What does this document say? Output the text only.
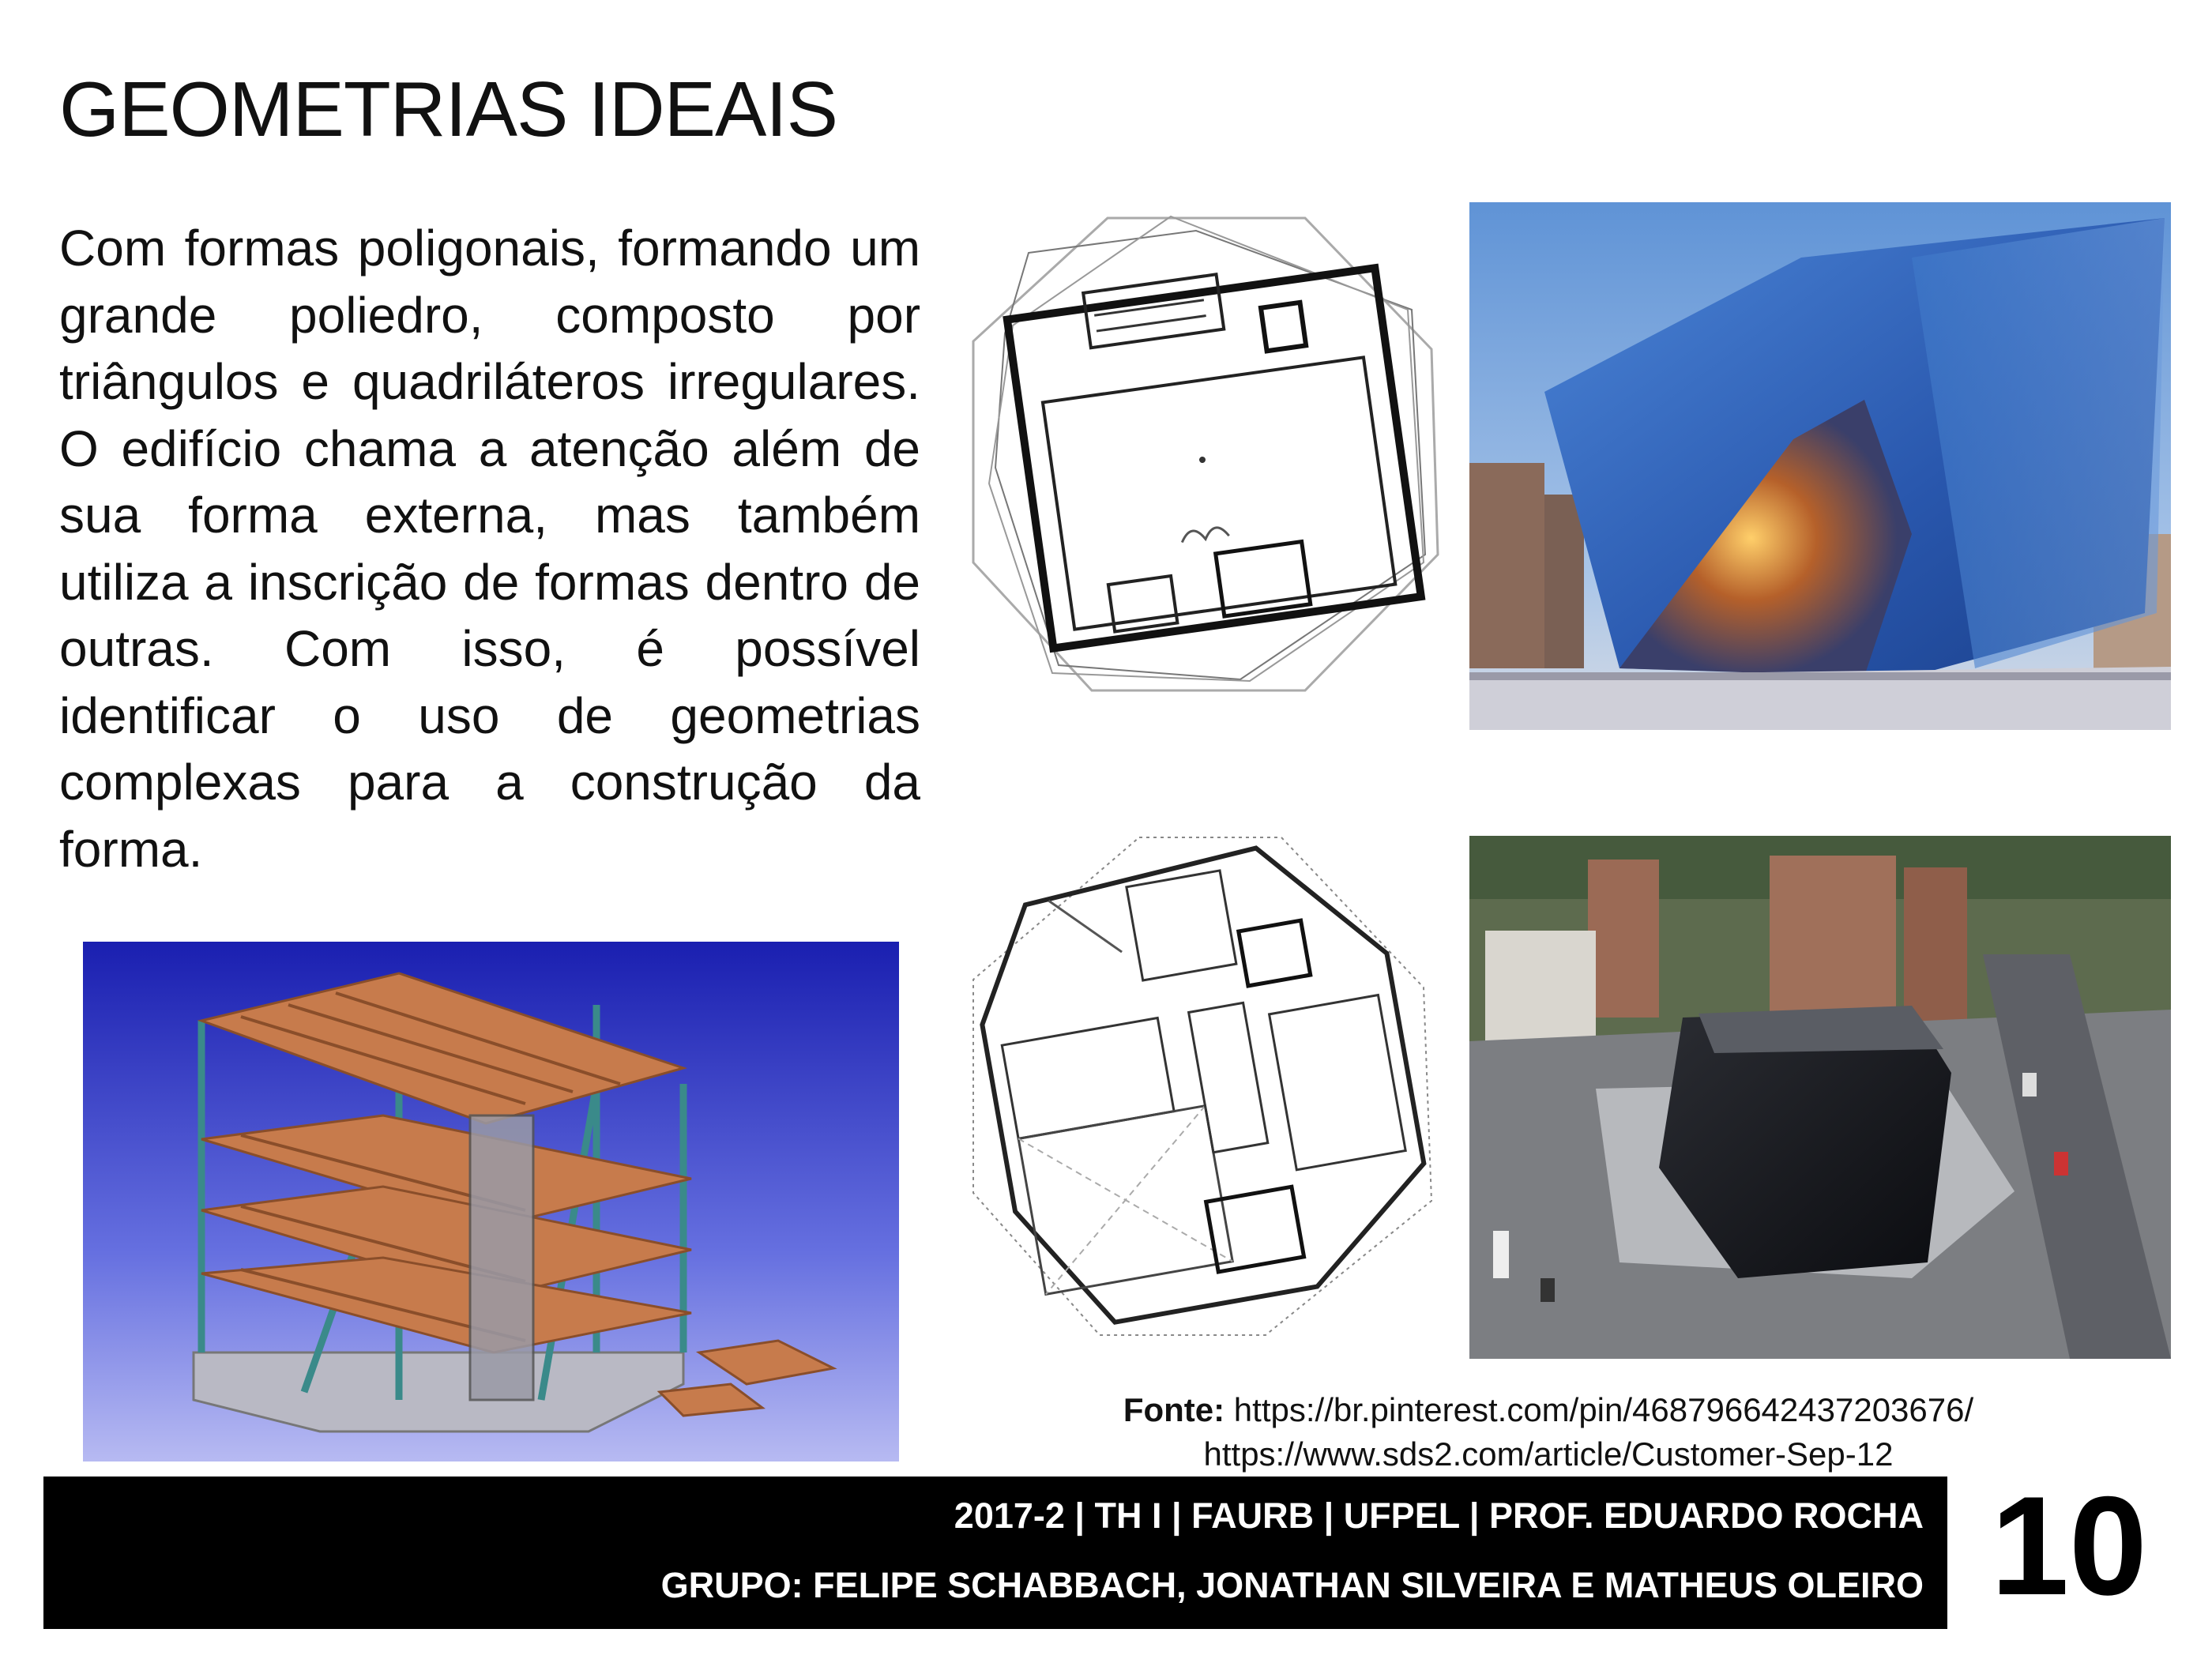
GEOMETRIAS IDEAIS

Com formas poligonais, formando um grande poliedro, composto por triângulos e quadriláteros irregulares. O edifício chama a atenção além de sua forma externa, mas também utiliza a inscrição de formas dentro de outras. Com isso, é possível identificar o uso de geometrias complexas para a construção da forma.

Fonte: https://br.pinterest.com/pin/468796642437203676/
https://www.sds2.com/article/Customer-Sep-12
2017-2 | TH I | FAURB | UFPEL | PROF. EDUARDO ROCHA
GRUPO: FELIPE SCHABBACH, JONATHAN SILVEIRA E MATHEUS OLEIRO 10
